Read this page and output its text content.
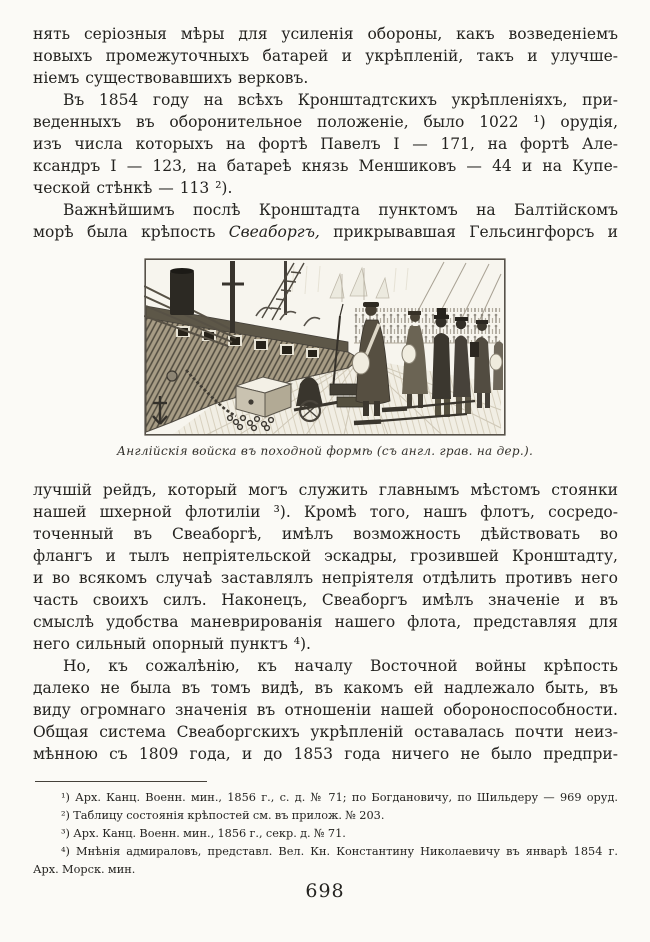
нять серіозныя мѣры для усиленія обороны, какъ возведеніемъ
новыхъ промежуточныхъ батарей и укрѣпленій, такъ и улучше-
ніемъ существовавшихъ верковъ.
Въ 1854 году на всѣхъ Кронштадтскихъ укрѣпленіяхъ, при-
веденныхъ въ оборонительное положеніе, было 1022 ¹) орудія,
изъ числа которыхъ на фортѣ Павелъ I — 171, на фортѣ Але-
ксандръ I — 123, на батареѣ князь Меншиковъ — 44 и на Купе-
ческой стѣнкѣ — 113 ²).
Важнѣйшимъ послѣ Кронштадта пунктомъ на Балтійскомъ
морѣ была крѣпость Свеаборгъ, прикрывавшая Гельсингфорсъ и
Англійскія войска въ походной формѣ (съ англ. грав. на дер.).
лучшій рейдъ, который могъ служить главнымъ мѣстомъ стоянки
нашей шхерной флотиліи ³). Кромѣ того, нашъ флотъ, сосредо-
точенный въ Свеаборгѣ, имѣлъ возможность дѣйствовать во
флангъ и тылъ непріятельской эскадры, грозившей Кронштадту,
и во всякомъ случаѣ заставлялъ непріятеля отдѣлить противъ него
часть своихъ силъ. Наконецъ, Свеаборгъ имѣлъ значеніе и въ
смыслѣ удобства маневрированія нашего флота, представляя для
него сильный опорный пунктъ ⁴).
Но, къ сожалѣнію, къ началу Восточной войны крѣпость
далеко не была въ томъ видѣ, въ какомъ ей надлежало быть, въ
виду огромнаго значенія въ отношеніи нашей обороноспособности.
Общая система Свеаборгскихъ укрѣпленій оставалась почти неиз-
мѣнною съ 1809 года, и до 1853 года ничего не было предпри-
¹) Арх. Канц. Военн. мин., 1856 г., с. д. № 71; по Богдановичу, по Шильдеру — 969 оруд.
²) Таблицу состоянія крѣпостей см. въ прилож. № 203.
³) Арх. Канц. Военн. мин., 1856 г., секр. д. № 71.
⁴) Мнѣнія адмираловъ, представл. Вел. Кн. Константину Николаевичу въ январѣ 1854 г.
Арх. Морск. мин.
698
